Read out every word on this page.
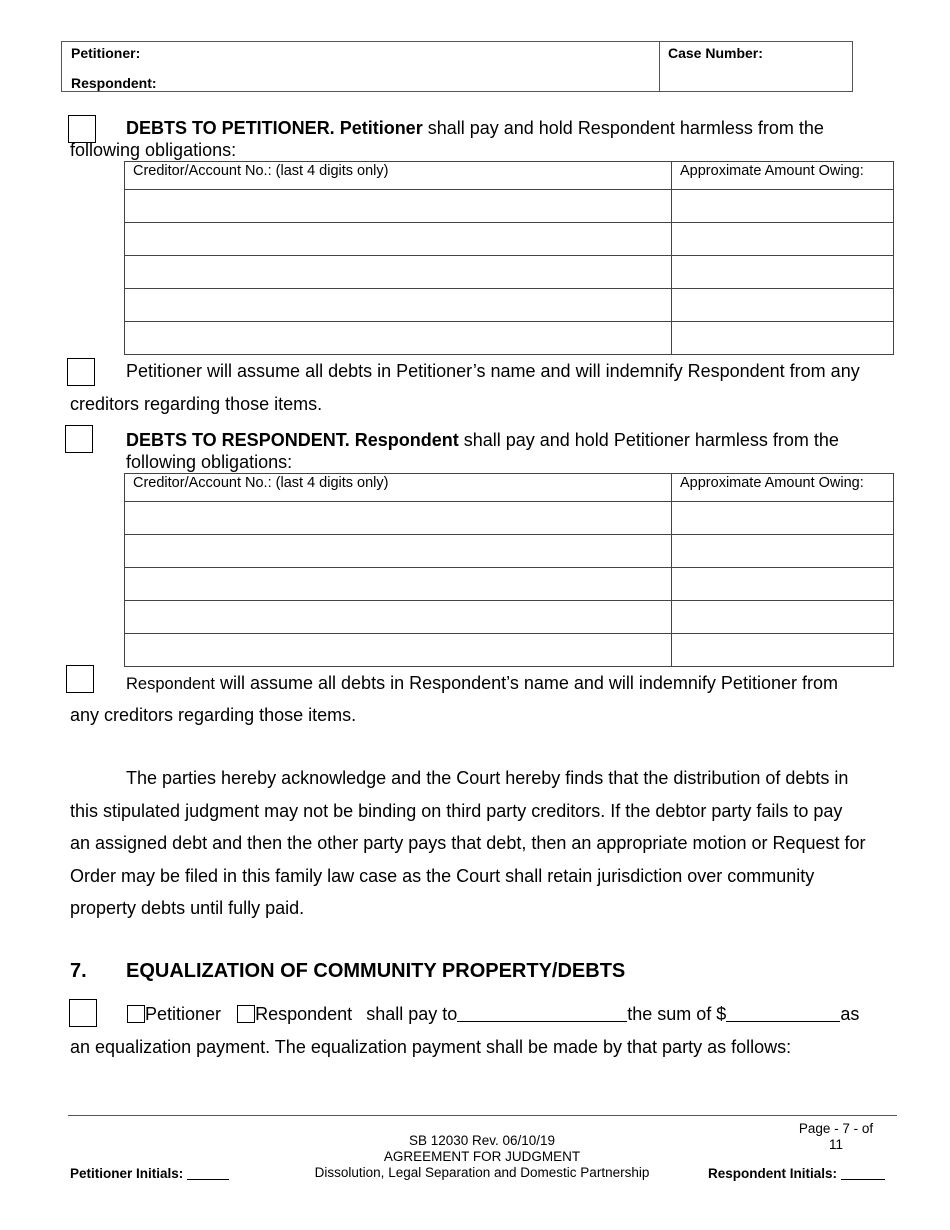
Petitioner:
Respondent:
Case Number:
DEBTS TO PETITIONER. Petitioner shall pay and hold Respondent harmless from the
following obligations:
Creditor/Account No.: (last 4 digits only)	Approximate Amount Owing:

Petitioner will assume all debts in Petitioner’s name and will indemnify Respondent from any
creditors regarding those items.
DEBTS TO RESPONDENT. Respondent shall pay and hold Petitioner harmless from the
following obligations:
Creditor/Account No.: (last 4 digits only)	Approximate Amount Owing:

Respondent will assume all debts in Respondent’s name and will indemnify Petitioner from
any creditors regarding those items.
The parties hereby acknowledge and the Court hereby finds that the distribution of debts in
this stipulated judgment may not be binding on third party creditors. If the debtor party fails to pay
an assigned debt and then the other party pays that debt, then an appropriate motion or Request for
Order may be filed in this family law case as the Court shall retain jurisdiction over community
property debts until fully paid.
7. EQUALIZATION OF COMMUNITY PROPERTY/DEBTS
Petitioner Respondent shall pay to	the sum of $	as
an equalization payment. The equalization payment shall be made by that party as follows:
Petitioner Initials:
SB 12030 Rev. 06/10/19
AGREEMENT FOR JUDGMENT
Dissolution, Legal Separation and Domestic Partnership
Page - 7 - of
11
Respondent Initials:
